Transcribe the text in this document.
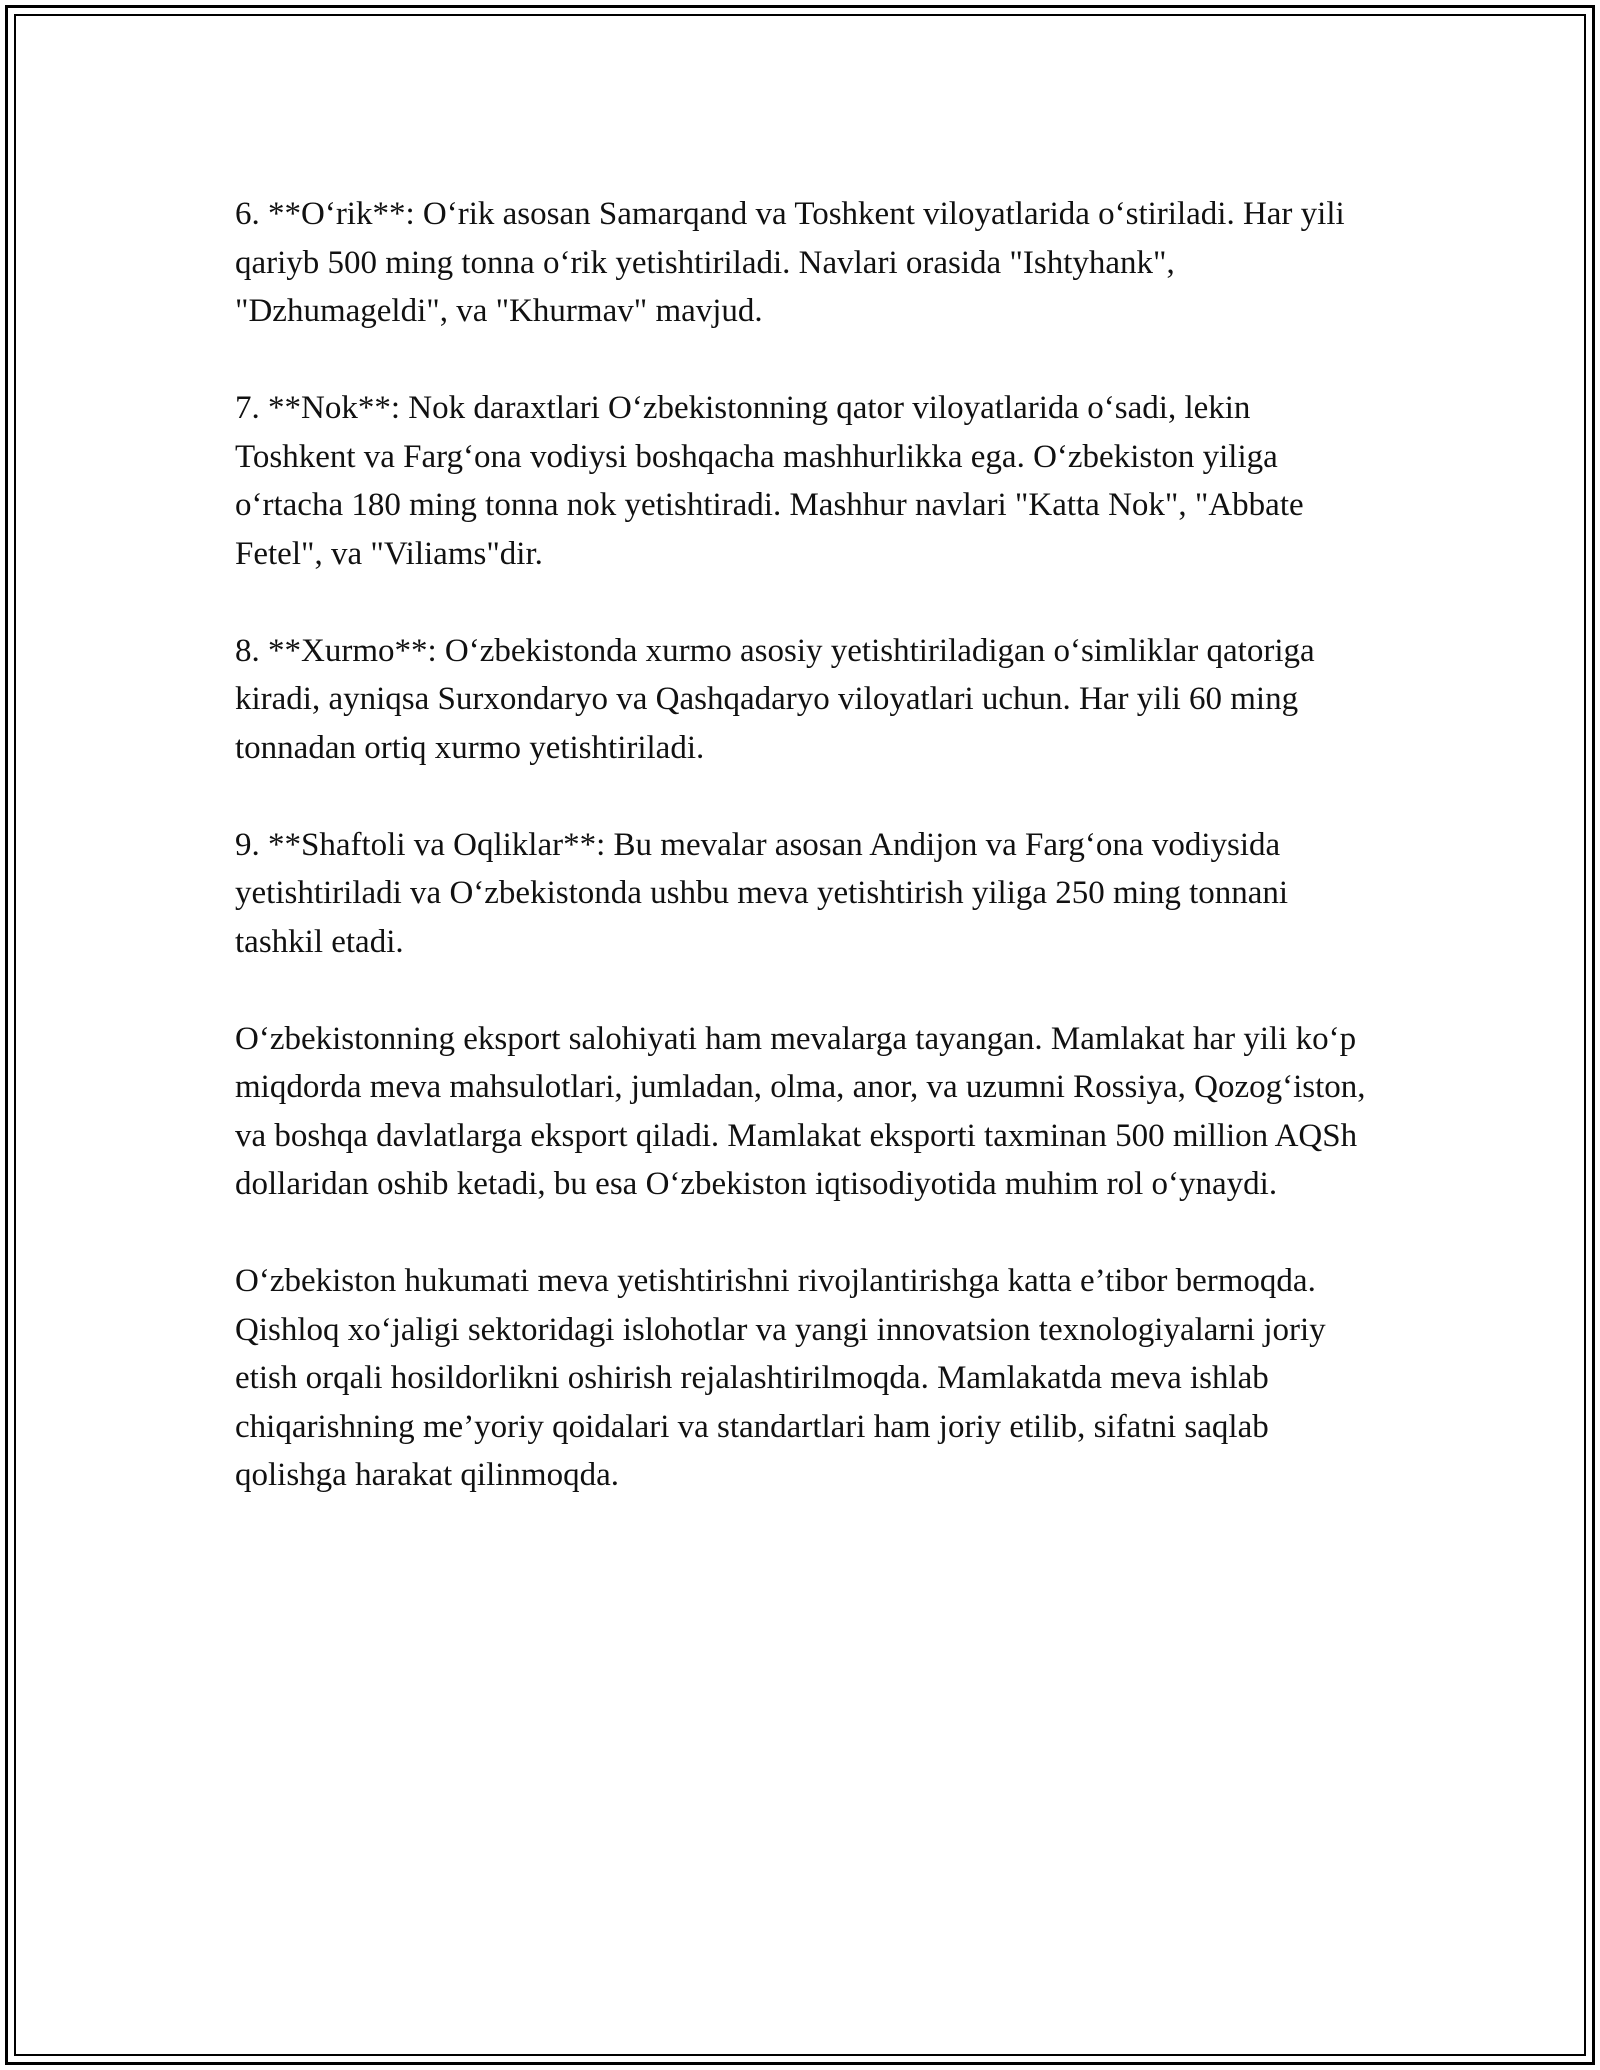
6. **O‘rik**: O‘rik asosan Samarqand va Toshkent viloyatlarida o‘stiriladi. Har yili qariyb 500 ming tonna o‘rik yetishtiriladi. Navlari orasida "Ishtyhank", "Dzhumageldi", va "Khurmav" mavjud.

7. **Nok**: Nok daraxtlari O‘zbekistonning qator viloyatlarida o‘sadi, lekin Toshkent va Farg‘ona vodiysi boshqacha mashhurlikka ega. O‘zbekiston yiliga o‘rtacha 180 ming tonna nok yetishtiradi. Mashhur navlari "Katta Nok", "Abbate Fetel", va "Viliams"dir.

8. **Xurmo**: O‘zbekistonda xurmo asosiy yetishtiriladigan o‘simliklar qatoriga kiradi, ayniqsa Surxondaryo va Qashqadaryo viloyatlari uchun. Har yili 60 ming tonnadan ortiq xurmo yetishtiriladi.

9. **Shaftoli va Oqliklar**: Bu mevalar asosan Andijon va Farg‘ona vodiysida yetishtiriladi va O‘zbekistonda ushbu meva yetishtirish yiliga 250 ming tonnani tashkil etadi.

O‘zbekistonning eksport salohiyati ham mevalarga tayangan. Mamlakat har yili ko‘p miqdorda meva mahsulotlari, jumladan, olma, anor, va uzumni Rossiya, Qozog‘iston, va boshqa davlatlarga eksport qiladi. Mamlakat eksporti taxminan 500 million AQSh dollaridan oshib ketadi, bu esa O‘zbekiston iqtisodiyotida muhim rol o‘ynaydi.

O‘zbekiston hukumati meva yetishtirishni rivojlantirishga katta e’tibor bermoqda. Qishloq xo‘jaligi sektoridagi islohotlar va yangi innovatsion texnologiyalarni joriy etish orqali hosildorlikni oshirish rejalashtirilmoqda. Mamlakatda meva ishlab chiqarishning me’yoriy qoidalari va standartlari ham joriy etilib, sifatni saqlab qolishga harakat qilinmoqda.
